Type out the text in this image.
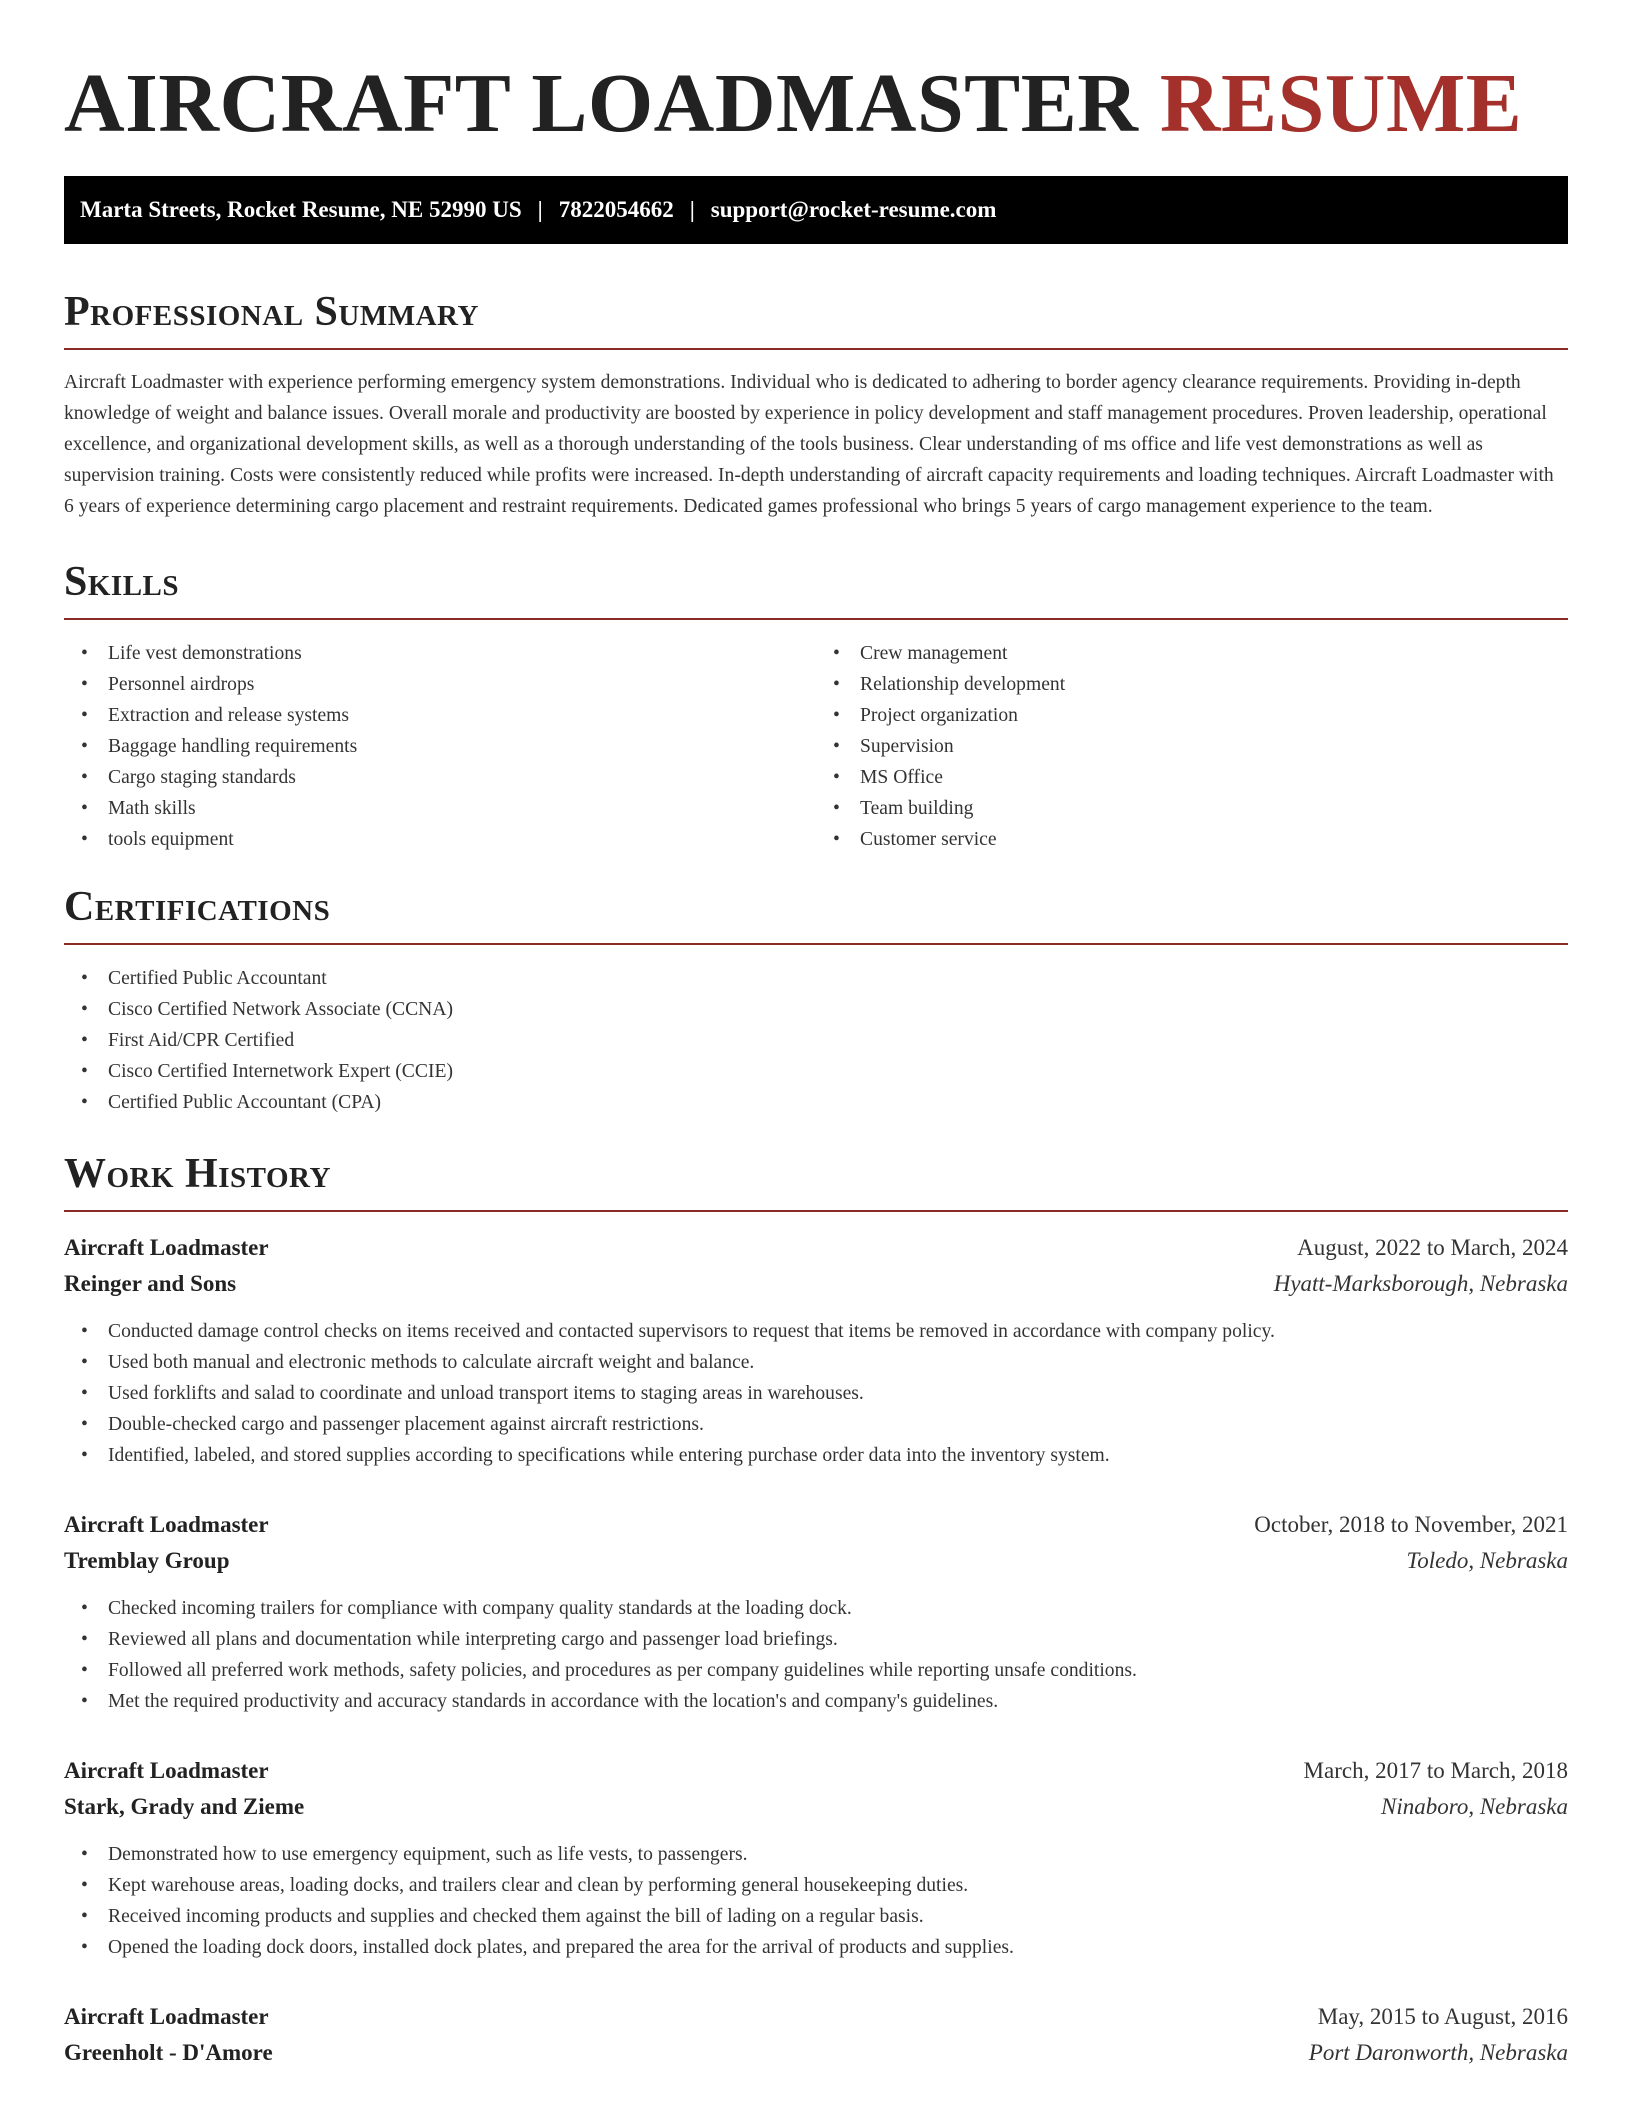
AIRCRAFT LOADMASTER RESUME
Marta Streets, Rocket Resume, NE 52990 US | 7822054662 | support@rocket-resume.com
Professional Summary

Aircraft Loadmaster with experience performing emergency system demonstrations. Individual who is dedicated to adhering to border agency clearance requirements. Providing in-depth knowledge of weight and balance issues. Overall morale and productivity are boosted by experience in policy development and staff management procedures. Proven leadership, operational excellence, and organizational development skills, as well as a thorough understanding of the tools business. Clear understanding of ms office and life vest demonstrations as well as supervision training. Costs were consistently reduced while profits were increased. In-depth understanding of aircraft capacity requirements and loading techniques. Aircraft Loadmaster with 6 years of experience determining cargo placement and restraint requirements. Dedicated games professional who brings 5 years of cargo management experience to the team.

Skills
• Life vest demonstrations
• Personnel airdrops
• Extraction and release systems
• Baggage handling requirements
• Cargo staging standards
• Math skills
• tools equipment
• Crew management
• Relationship development
• Project organization
• Supervision
• MS Office
• Team building
• Customer service
Certifications
• Certified Public Accountant
• Cisco Certified Network Associate (CCNA)
• First Aid/CPR Certified
• Cisco Certified Internetwork Expert (CCIE)
• Certified Public Accountant (CPA)
Work History
Aircraft Loadmaster	August, 2022 to March, 2024
Reinger and Sons	Hyatt-Marksborough, Nebraska
• Conducted damage control checks on items received and contacted supervisors to request that items be removed in accordance with company policy.
• Used both manual and electronic methods to calculate aircraft weight and balance.
• Used forklifts and salad to coordinate and unload transport items to staging areas in warehouses.
• Double-checked cargo and passenger placement against aircraft restrictions.
• Identified, labeled, and stored supplies according to specifications while entering purchase order data into the inventory system.
Aircraft Loadmaster	October, 2018 to November, 2021
Tremblay Group	Toledo, Nebraska
• Checked incoming trailers for compliance with company quality standards at the loading dock.
• Reviewed all plans and documentation while interpreting cargo and passenger load briefings.
• Followed all preferred work methods, safety policies, and procedures as per company guidelines while reporting unsafe conditions.
• Met the required productivity and accuracy standards in accordance with the location's and company's guidelines.
Aircraft Loadmaster	March, 2017 to March, 2018
Stark, Grady and Zieme	Ninaboro, Nebraska
• Demonstrated how to use emergency equipment, such as life vests, to passengers.
• Kept warehouse areas, loading docks, and trailers clear and clean by performing general housekeeping duties.
• Received incoming products and supplies and checked them against the bill of lading on a regular basis.
• Opened the loading dock doors, installed dock plates, and prepared the area for the arrival of products and supplies.
Aircraft Loadmaster	May, 2015 to August, 2016
Greenholt - D'Amore	Port Daronworth, Nebraska
